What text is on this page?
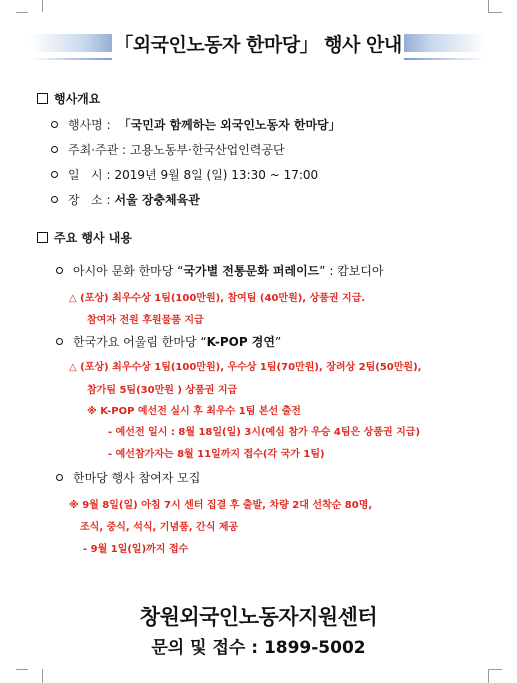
「외국인노동자 한마당」 행사 안내
행사개요
행사명 : 「국민과 함께하는 외국인노동자 한마당」
주최·주관 : 고용노동부·한국산업인력공단
일   시 : 2019년 9월 8일 (일) 13:30 ~ 17:00
장   소 : 서울 장충체육관
주요 행사 내용
아시아 문화 한마당 “ 국가별 전통문화 퍼레이드 ” : 캄보디아
△ (포상) 최우수상 1팀(100만원), 참여팀 (40만원), 상품권 지급.
참여자 전원 후원물품 지급
한국가요 어울림 한마당 “ K-POP 경연 ”
△ (포상) 최우수상 1팀(100만원), 우수상 1팀(70만원), 장려상 2팀(50만원),
참가팀 5팀(30만원 ) 상품권 지급
※ K-POP 예선전 실시 후 최우수 1팀 본선 출전
- 예선전 일시 : 8월 18일(일) 3시(예심 참가 우승 4팀은 상품권 지급)
- 예선참가자는 8월 11일까지 접수(각 국가 1팀)
한마당 행사 참여자 모집
※ 9월 8일(일) 아침 7시 센터 집결 후 출발, 차량 2대 선착순 80명,
조식, 중식, 석식, 기념품, 간식 제공
- 9월 1일(일)까지 접수
창원외국인노동자지원센터
문의 및 접수 : 1899-5002
